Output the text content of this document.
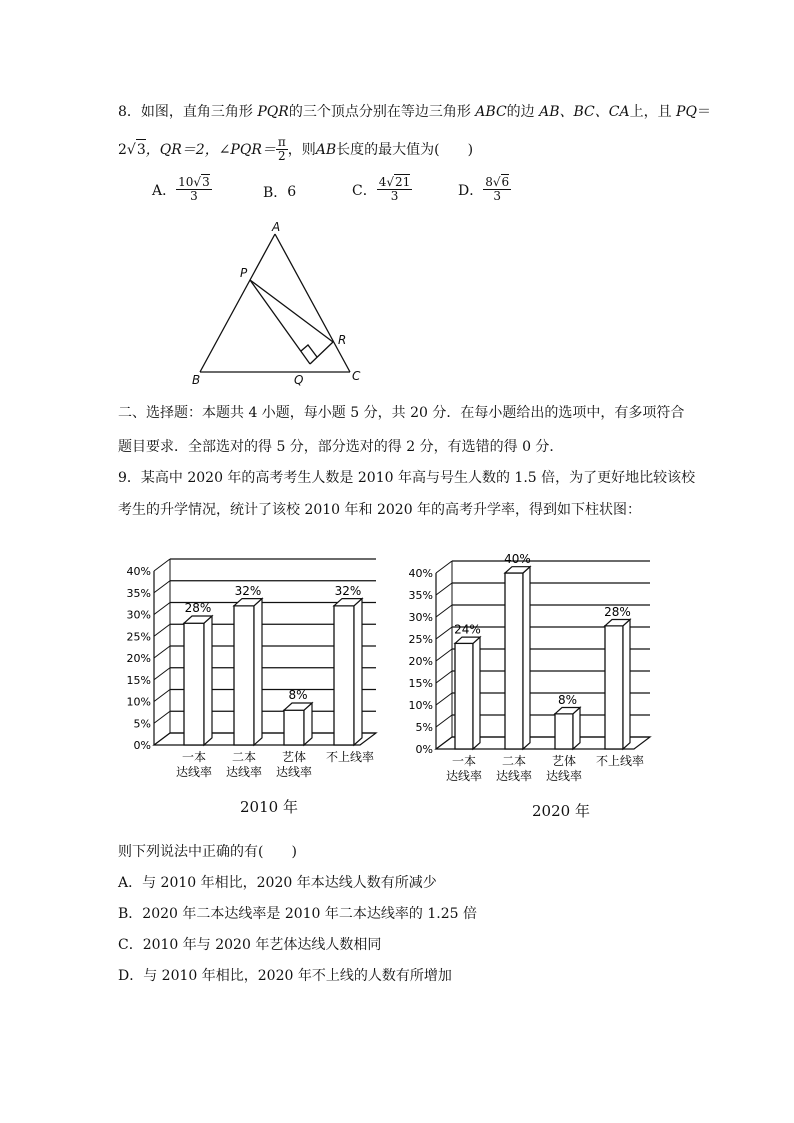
8．如图，直角三角形 PQR的三个顶点分别在等边三角形 ABC的边 AB、BC、CA上，且 PQ＝
2 √ 3 ，QR＝2，∠PQR＝ $\frac{\pi}{2}$ ，则 AB 长度的最大值为(　　)
A． $\frac{10√3}{3}$	B． 6	C． $\frac{4√21}{3}$	D． $\frac{8√6}{3}$
A
B	C
P
Q
R
二、选择题：本题共 4 小题，每小题 5 分，共 20 分．在每小题给出的选项中，有多项符合
题目要求．全部选对的得 5 分，部分选对的得 2 分，有选错的得 0 分．
9．某高中 2020 年的高考考生人数是 2010 年高与号生人数的 1.5 倍，为了更好地比较该校
考生的升学情况，统计了该校 2010 年和 2020 年的高考升学率，得到如下柱状图：
0%
5%
10%
15%
20%
25%
30%
35%
40%
28%
一本
达线率
32%
二本
达线率
8%
艺体
达线率
32%
不上线率
0%
5%
10%
15%
20%
25%
30%
35%
40%
24%
一本
达线率
40%
二本
达线率
8%
艺体
达线率
28%
不上线率
2010 年	2020 年
则下列说法中正确的有(　　)
A．与 2010 年相比，2020 年本达线人数有所减少
B．2020 年二本达线率是 2010 年二本达线率的 1.25 倍
C．2010 年与 2020 年艺体达线人数相同
D．与 2010 年相比，2020 年不上线的人数有所增加
